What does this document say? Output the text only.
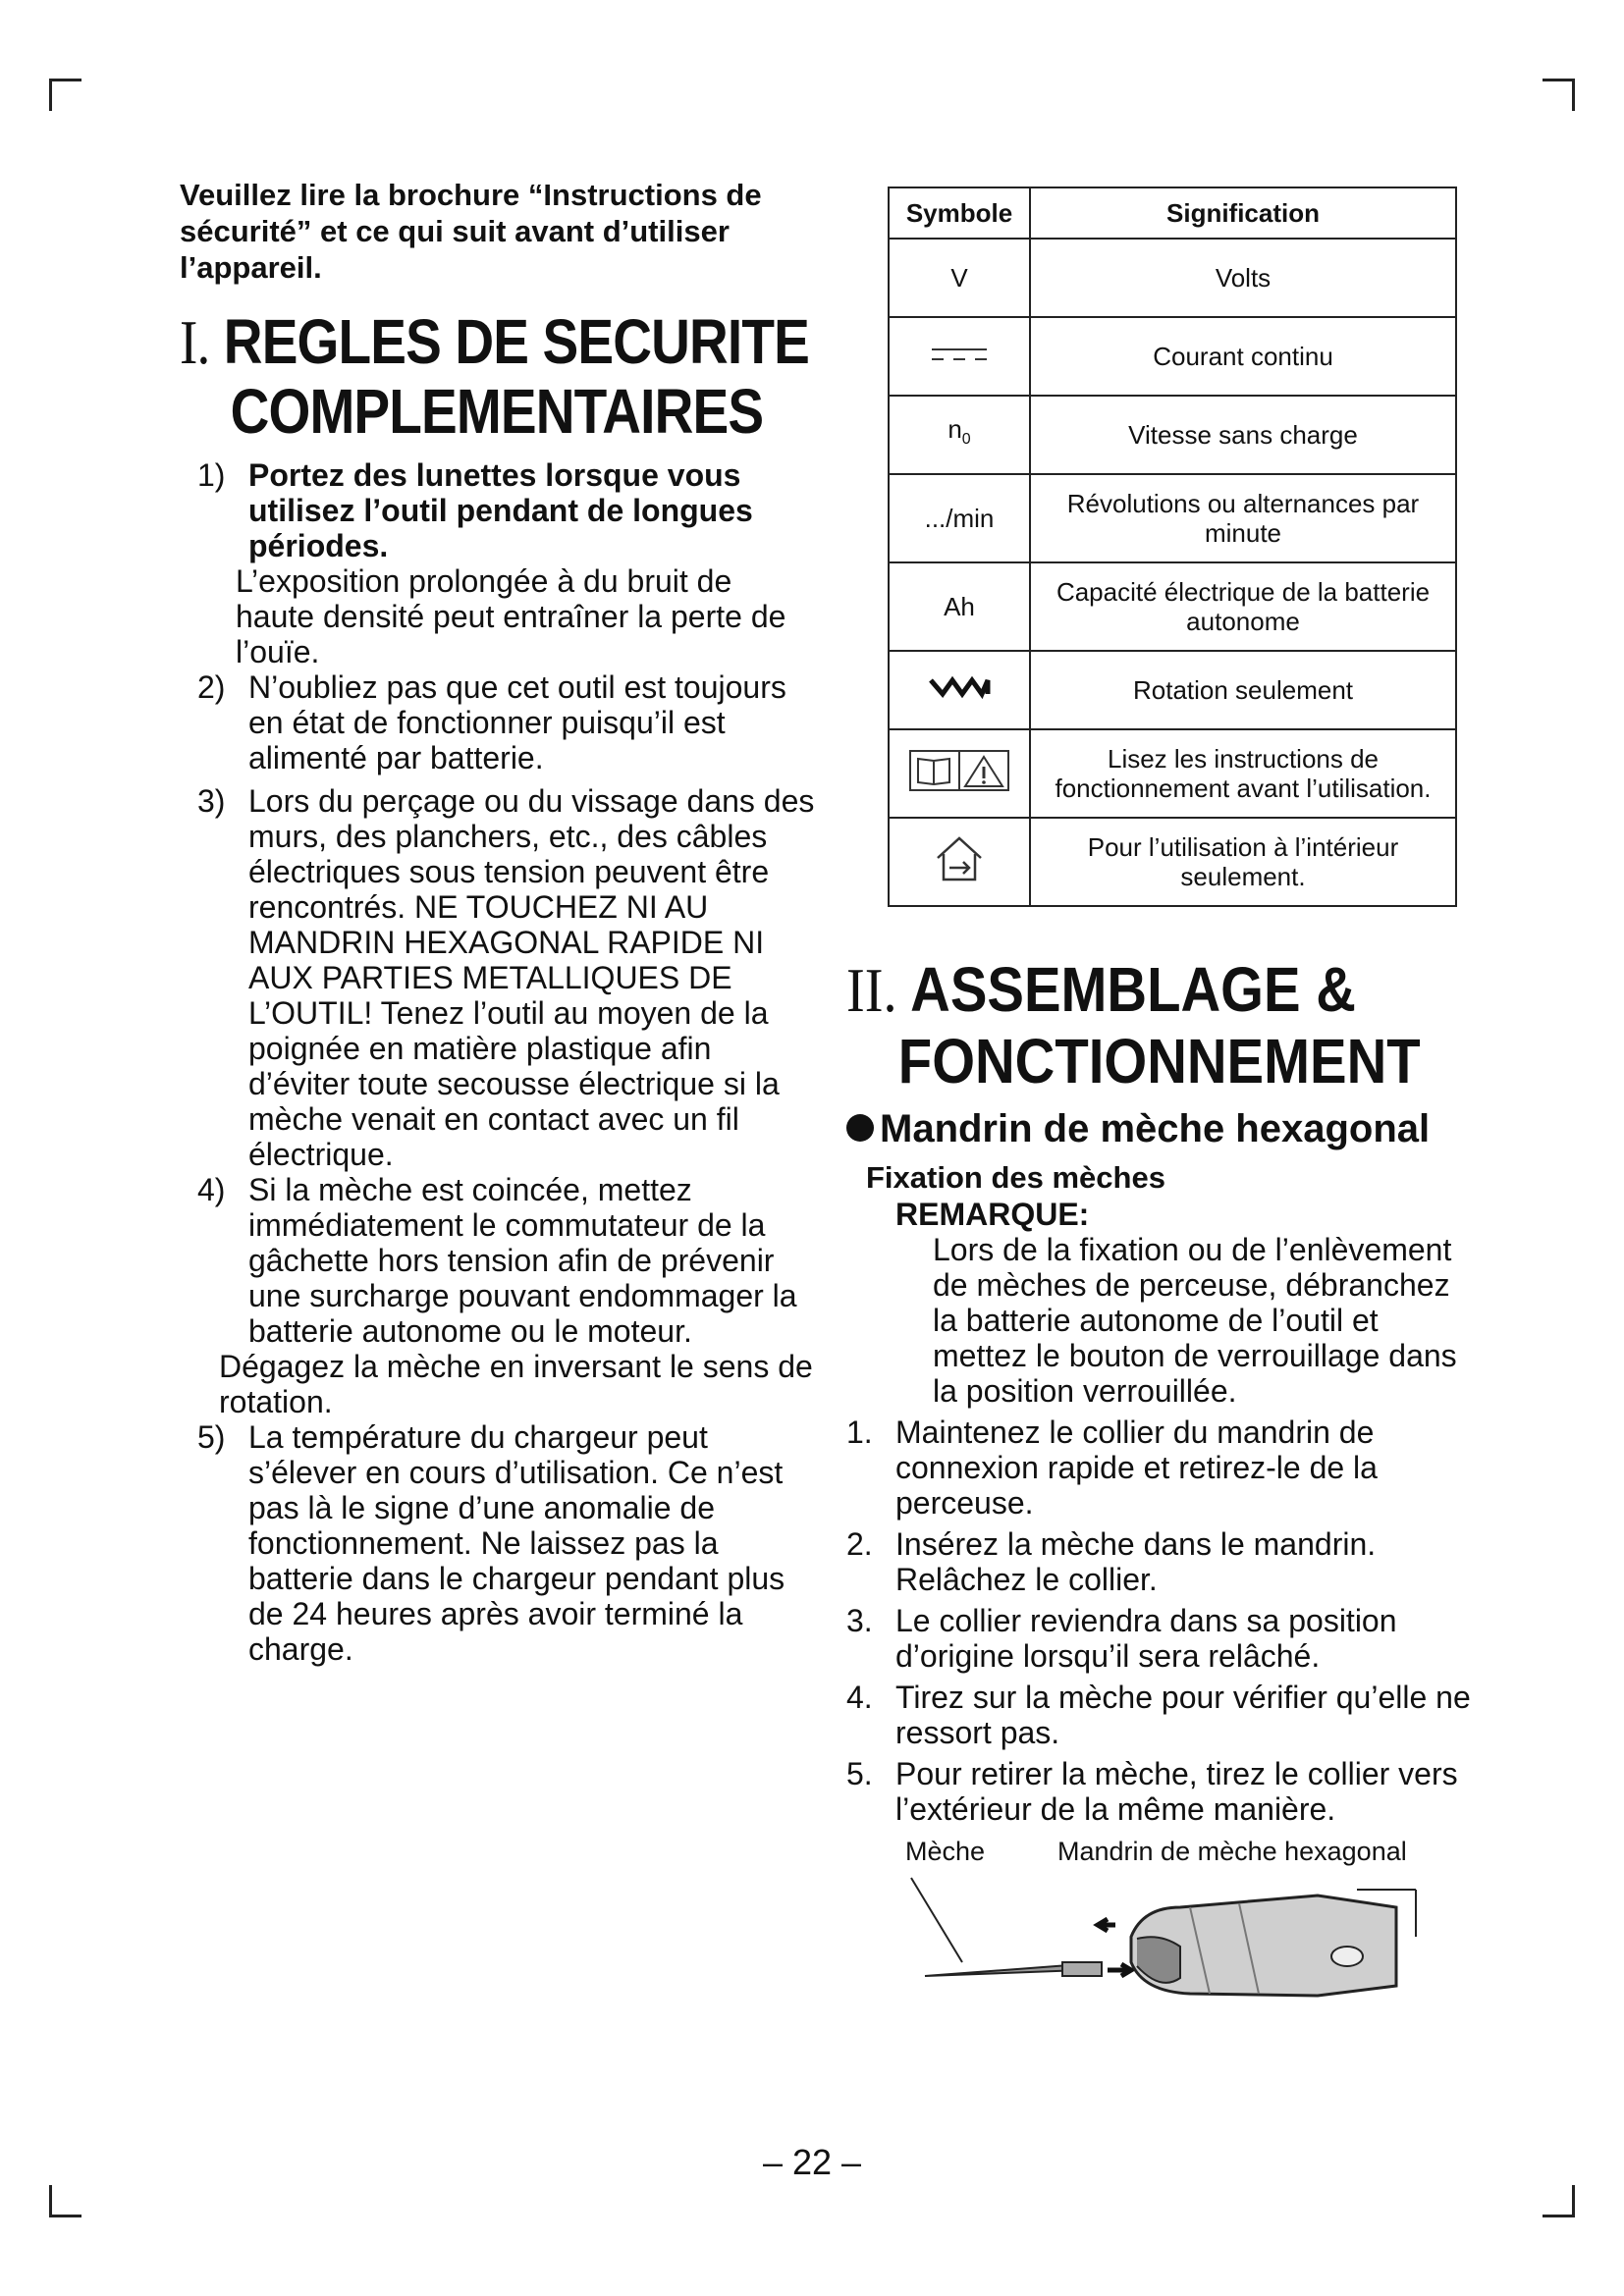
Veuillez lire la brochure “Instructions de sécurité” et ce qui suit avant d’utiliser l’appareil.

I. REGLES DE SECURITE
COMPLEMENTAIRES
1) Portez des lunettes lorsque vous utilisez l’outil pendant de longues périodes.
L’exposition prolongée à du bruit de haute densité peut entraîner la perte de l’ouïe.
2) N’oubliez pas que cet outil est toujours en état de fonctionner puisqu’il est alimenté par batterie.
3) Lors du perçage ou du vissage dans des murs, des planchers, etc., des câbles électriques sous tension peuvent être rencontrés. NE TOUCHEZ NI AU MANDRIN HEXAGONAL RAPIDE NI AUX PARTIES METALLIQUES DE L’OUTIL! Tenez l’outil au moyen de la poignée en matière plastique afin d’éviter toute secousse électrique si la mèche venait en contact avec un fil électrique.
4) Si la mèche est coincée, mettez immédiatement le commutateur de la gâchette hors tension afin de prévenir une surcharge pouvant endommager la batterie autonome ou le moteur.
Dégagez la mèche en inversant le sens de rotation.
5) La température du chargeur peut s’élever en cours d’utilisation. Ce n’est pas là le signe d’une anomalie de fonctionnement. Ne laissez pas la batterie dans le chargeur pendant plus de 24 heures après avoir terminé la charge.
Symbole	Signification
V	Volts
	Courant continu
$n_0$	Vitesse sans charge
.../min	Révolutions ou alternances par minute
Ah	Capacité électrique de la batterie autonome
	Rotation seulement
	Lisez les instructions de fonctionnement avant l’utilisation.
	Pour l’utilisation à l’intérieur seulement.
II. ASSEMBLAGE &
FONCTIONNEMENT
Mandrin de mèche hexagonal
Fixation des mèches
REMARQUE:
Lors de la fixation ou de l’enlèvement de mèches de perceuse, débranchez la batterie autonome de l’outil et mettez le bouton de verrouillage dans la position verrouillée.
1. Maintenez le collier du mandrin de connexion rapide et retirez-le de la perceuse.
2. Insérez la mèche dans le mandrin. Relâchez le collier.
3. Le collier reviendra dans sa position d’origine lorsqu’il sera relâché.
4. Tirez sur la mèche pour vérifier qu’elle ne ressort pas.
5. Pour retirer la mèche, tirez le collier vers l’extérieur de la même manière.
Mèche	Mandrin de mèche hexagonal
– 22 –
